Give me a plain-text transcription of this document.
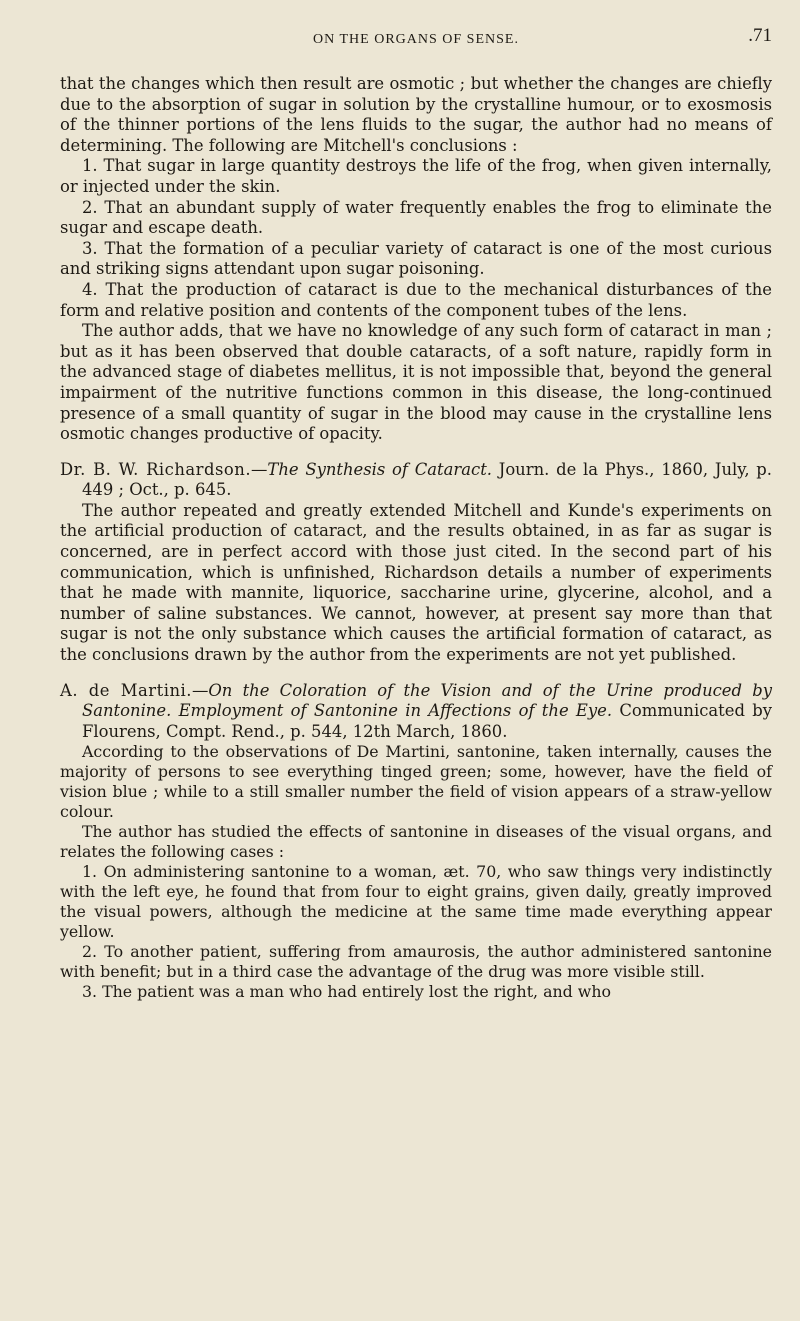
ON THE ORGANS OF SENSE.	.71

that the changes which then result are osmotic ; but whether the changes are chiefly due to the absorption of sugar in solution by the crystalline humour, or to exosmosis of the thinner portions of the lens fluids to the sugar, the author had no means of determining. The following are Mitchell's conclusions :

1. That sugar in large quantity destroys the life of the frog, when given internally, or injected under the skin.

2. That an abundant supply of water frequently enables the frog to eliminate the sugar and escape death.

3. That the formation of a peculiar variety of cataract is one of the most curious and striking signs attendant upon sugar poisoning.

4. That the production of cataract is due to the mechanical disturbances of the form and relative position and contents of the component tubes of the lens.

The author adds, that we have no knowledge of any such form of cataract in man ; but as it has been observed that double cataracts, of a soft nature, rapidly form in the advanced stage of diabetes mellitus, it is not impossible that, beyond the general impairment of the nutritive functions common in this disease, the long-continued presence of a small quantity of sugar in the blood may cause in the crystalline lens osmotic changes productive of opacity.

Dr. B. W. Richardson.—The Synthesis of Cataract. Journ. de la Phys., 1860, July, p. 449 ; Oct., p. 645.

The author repeated and greatly extended Mitchell and Kunde's experiments on the artificial production of cataract, and the results obtained, in as far as sugar is concerned, are in perfect accord with those just cited. In the second part of his communication, which is unfinished, Richardson details a number of experiments that he made with mannite, liquorice, saccharine urine, glycerine, alcohol, and a number of saline substances. We cannot, however, at present say more than that sugar is not the only substance which causes the artificial formation of cataract, as the conclusions drawn by the author from the experiments are not yet published.

A. de Martini.—On the Coloration of the Vision and of the Urine produced by Santonine. Employment of Santonine in Affections of the Eye. Communicated by Flourens, Compt. Rend., p. 544, 12th March, 1860.

According to the observations of De Martini, santonine, taken internally, causes the majority of persons to see everything tinged green; some, however, have the field of vision blue ; while to a still smaller number the field of vision appears of a straw-yellow colour.

The author has studied the effects of santonine in diseases of the visual organs, and relates the following cases :

1. On administering santonine to a woman, æt. 70, who saw things very indistinctly with the left eye, he found that from four to eight grains, given daily, greatly improved the visual powers, although the medicine at the same time made everything appear yellow.

2. To another patient, suffering from amaurosis, the author administered santonine with benefit; but in a third case the advantage of the drug was more visible still.

3. The patient was a man who had entirely lost the right, and who
